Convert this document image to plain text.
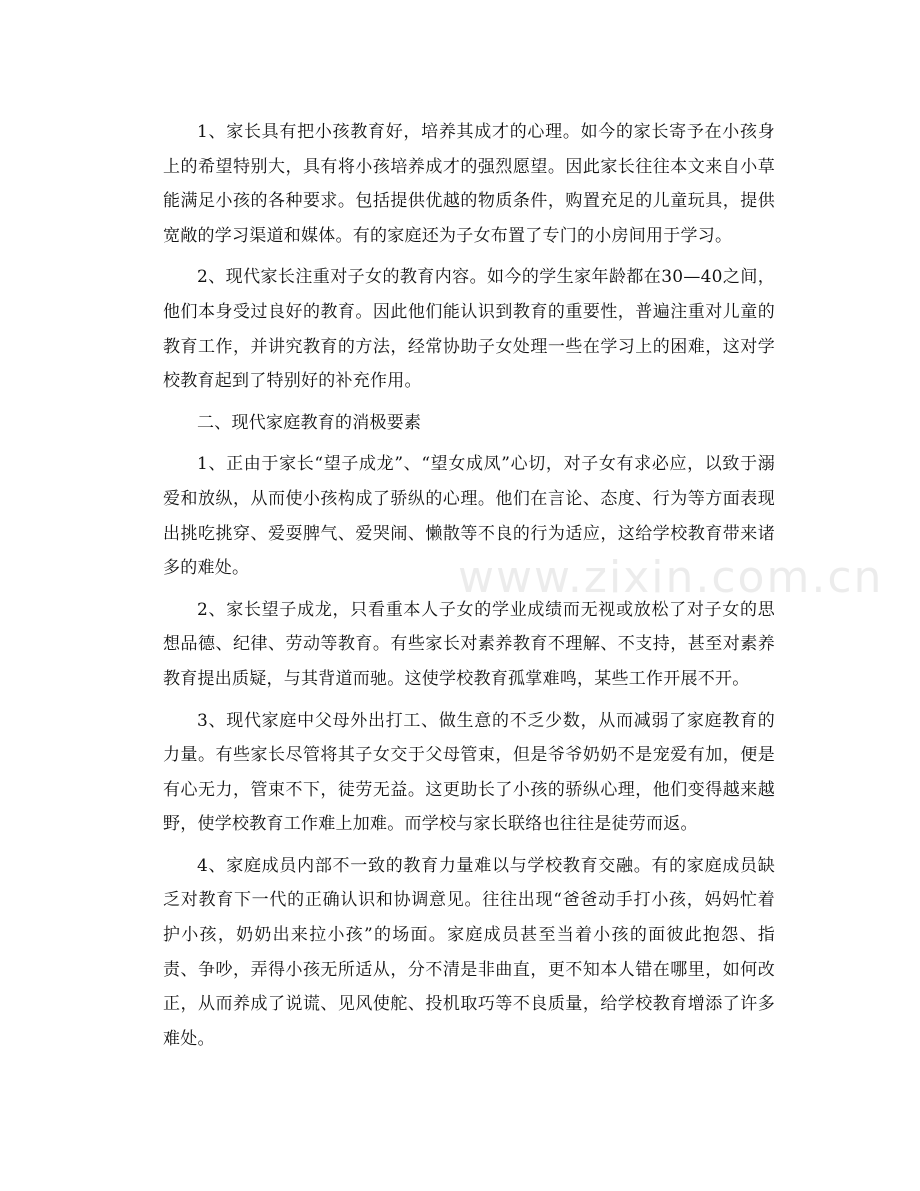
1、家长具有把小孩教育好，培养其成才的心理。如今的家长寄予在小孩身上的希望特别大，具有将小孩培养成才的强烈愿望。因此家长往往本文来自小草能满足小孩的各种要求。包括提供优越的物质条件，购置充足的儿童玩具，提供宽敞的学习渠道和媒体。有的家庭还为子女布置了专门的小房间用于学习。

2、现代家长注重对子女的教育内容。如今的学生家年龄都在30—40之间，他们本身受过良好的教育。因此他们能认识到教育的重要性，普遍注重对儿童的教育工作，并讲究教育的方法，经常协助子女处理一些在学习上的困难，这对学校教育起到了特别好的补充作用。

二、现代家庭教育的消极要素

1、正由于家长“望子成龙”、“望女成凤”心切，对子女有求必应，以致于溺爱和放纵，从而使小孩构成了骄纵的心理。他们在言论、态度、行为等方面表现出挑吃挑穿、爱耍脾气、爱哭闹、懒散等不良的行为适应，这给学校教育带来诸多的难处。

2、家长望子成龙，只看重本人子女的学业成绩而无视或放松了对子女的思想品德、纪律、劳动等教育。有些家长对素养教育不理解、不支持，甚至对素养教育提出质疑，与其背道而驰。这使学校教育孤掌难鸣，某些工作开展不开。

3、现代家庭中父母外出打工、做生意的不乏少数，从而减弱了家庭教育的力量。有些家长尽管将其子女交于父母管束，但是爷爷奶奶不是宠爱有加，便是有心无力，管束不下，徒劳无益。这更助长了小孩的骄纵心理，他们变得越来越野，使学校教育工作难上加难。而学校与家长联络也往往是徒劳而返。

4、家庭成员内部不一致的教育力量难以与学校教育交融。有的家庭成员缺乏对教育下一代的正确认识和协调意见。往往出现“爸爸动手打小孩，妈妈忙着护小孩，奶奶出来拉小孩”的场面。家庭成员甚至当着小孩的面彼此抱怨、指责、争吵，弄得小孩无所适从，分不清是非曲直，更不知本人错在哪里，如何改正，从而养成了说谎、见风使舵、投机取巧等不良质量，给学校教育增添了许多难处。

www.zixin.com.cn
